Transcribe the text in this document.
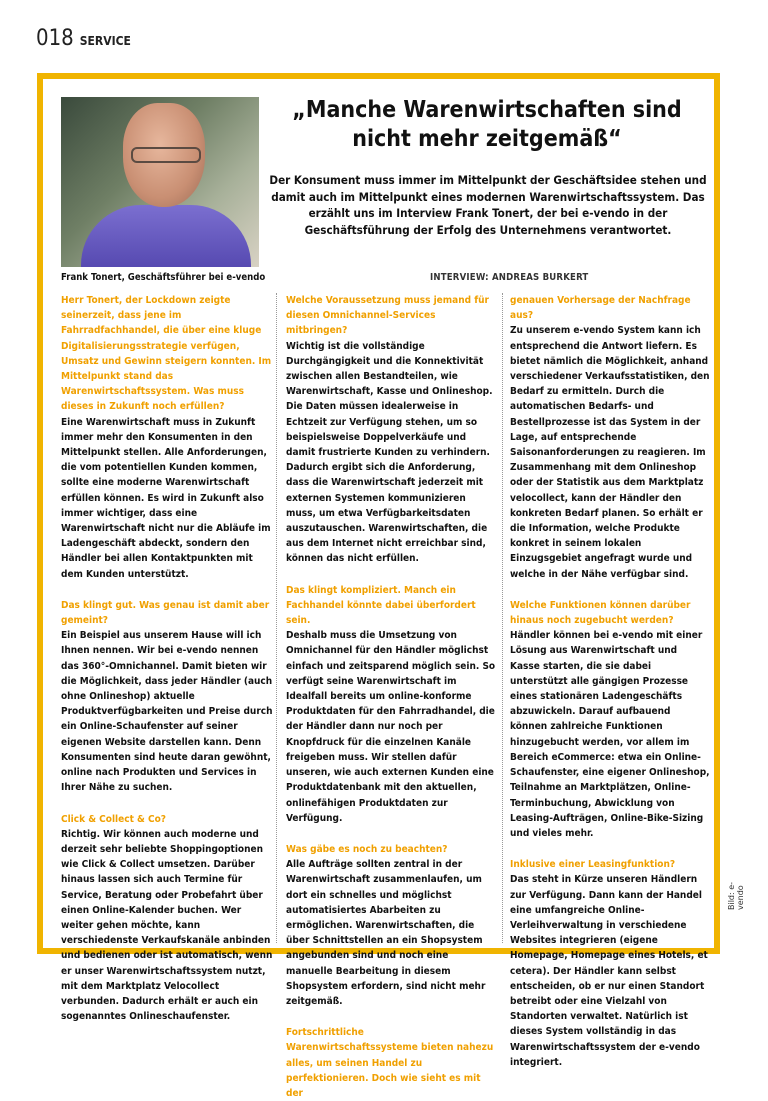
018 SERVICE
Frank Tonert, Geschäftsführer bei e-vendo
„Manche Warenwirtschaften sind nicht mehr zeitgemäß“
Der Konsument muss immer im Mittelpunkt der Geschäftsidee stehen und damit auch im Mittelpunkt eines modernen Warenwirtschaftssystem. Das erzählt uns im Interview Frank Tonert, der bei e-vendo in der Geschäftsführung der Erfolg des Unternehmens verantwortet.
INTERVIEW: ANDREAS BURKERT

Herr Tonert, der Lockdown zeigte seinerzeit, dass jene im Fahrradfachhandel, die über eine kluge Digitalisierungsstrategie verfügen, Umsatz und Gewinn steigern konnten. Im Mittelpunkt stand das Warenwirtschaftssystem. Was muss dieses in Zukunft noch erfüllen?

Eine Warenwirtschaft muss in Zukunft immer mehr den Konsumenten in den Mittelpunkt stellen. Alle Anforderungen, die vom potentiellen Kunden kommen, sollte eine moderne Warenwirtschaft erfüllen können. Es wird in Zukunft also immer wichtiger, dass eine Warenwirtschaft nicht nur die Abläufe im Ladengeschäft abdeckt, sondern den Händler bei allen Kontaktpunkten mit dem Kunden unterstützt.

Das klingt gut. Was genau ist damit aber gemeint?

Ein Beispiel aus unserem Hause will ich Ihnen nennen. Wir bei e-vendo nennen das 360°-Omnichannel. Damit bieten wir die Möglichkeit, dass jeder Händler (auch ohne Onlineshop) aktuelle Produktverfügbarkeiten und Preise durch ein Online-Schaufenster auf seiner eigenen Website darstellen kann. Denn Konsumenten sind heute daran gewöhnt, online nach Produkten und Services in Ihrer Nähe zu suchen.

Click & Collect & Co?

Richtig. Wir können auch moderne und derzeit sehr beliebte Shoppingoptionen wie Click & Collect umsetzen. Darüber hinaus lassen sich auch Termine für Service, Beratung oder Probefahrt über einen Online-Kalender buchen. Wer weiter gehen möchte, kann verschiedenste Verkaufskanäle anbinden und bedienen oder ist automatisch, wenn er unser Warenwirtschaftssystem nutzt, mit dem Marktplatz Velocollect verbunden. Dadurch erhält er auch ein sogenanntes Onlineschaufenster.

Welche Voraussetzung muss jemand für diesen Omnichannel-Services mitbringen?

Wichtig ist die vollständige Durchgängigkeit und die Konnektivität zwischen allen Bestandteilen, wie Warenwirtschaft, Kasse und Onlineshop. Die Daten müssen idealerweise in Echtzeit zur Verfügung stehen, um so beispielsweise Doppelverkäufe und damit frustrierte Kunden zu verhindern. Dadurch ergibt sich die Anforderung, dass die Warenwirtschaft jederzeit mit externen Systemen kommunizieren muss, um etwa Verfügbarkeitsdaten auszutauschen. Warenwirtschaften, die aus dem Internet nicht erreichbar sind, können das nicht erfüllen.

Das klingt kompliziert. Manch ein Fachhandel könnte dabei überfordert sein.

Deshalb muss die Umsetzung von Omnichannel für den Händler möglichst einfach und zeitsparend möglich sein. So verfügt seine Warenwirtschaft im Idealfall bereits um online-konforme Produktdaten für den Fahrradhandel, die der Händler dann nur noch per Knopfdruck für die einzelnen Kanäle freigeben muss. Wir stellen dafür unseren, wie auch externen Kunden eine Produktdatenbank mit den aktuellen, onlinefähigen Produktdaten zur Verfügung.

Was gäbe es noch zu beachten?

Alle Aufträge sollten zentral in der Warenwirtschaft zusammenlaufen, um dort ein schnelles und möglichst automatisiertes Abarbeiten zu ermöglichen. Warenwirtschaften, die über Schnittstellen an ein Shopsystem angebunden sind und noch eine manuelle Bearbeitung in diesem Shopsystem erfordern, sind nicht mehr zeitgemäß.

Fortschrittliche Warenwirtschaftssysteme bieten nahezu alles, um seinen Handel zu perfektionieren. Doch wie sieht es mit der

genauen Vorhersage der Nachfrage aus?

Zu unserem e-vendo System kann ich entsprechend die Antwort liefern. Es bietet nämlich die Möglichkeit, anhand verschiedener Verkaufsstatistiken, den Bedarf zu ermitteln. Durch die automatischen Bedarfs- und Bestellprozesse ist das System in der Lage, auf entsprechende Saisonanforderungen zu reagieren. Im Zusammenhang mit dem Onlineshop oder der Statistik aus dem Marktplatz velocollect, kann der Händler den konkreten Bedarf planen. So erhält er die Information, welche Produkte konkret in seinem lokalen Einzugsgebiet angefragt wurde und welche in der Nähe verfügbar sind.

Welche Funktionen können darüber hinaus noch zugebucht werden?

Händler können bei e-vendo mit einer Lösung aus Warenwirtschaft und Kasse starten, die sie dabei unterstützt alle gängigen Prozesse eines stationären Ladengeschäfts abzuwickeln. Darauf aufbauend können zahlreiche Funktionen hinzugebucht werden, vor allem im Bereich eCommerce: etwa ein Online-Schaufenster, eine eigener Onlineshop, Teilnahme an Marktplätzen, Online-Terminbuchung, Abwicklung von Leasing-Aufträgen, Online-Bike-Sizing und vieles mehr.

Inklusive einer Leasingfunktion?

Das steht in Kürze unseren Händlern zur Verfügung. Dann kann der Handel eine umfangreiche Online-Verleihverwaltung in verschiedene Websites integrieren (eigene Homepage, Homepage eines Hotels, et cetera). Der Händler kann selbst entscheiden, ob er nur einen Standort betreibt oder eine Vielzahl von Standorten verwaltet. Natürlich ist dieses System vollständig in das Warenwirtschaftssystem der e-vendo integriert.

Bild: e-vendo
